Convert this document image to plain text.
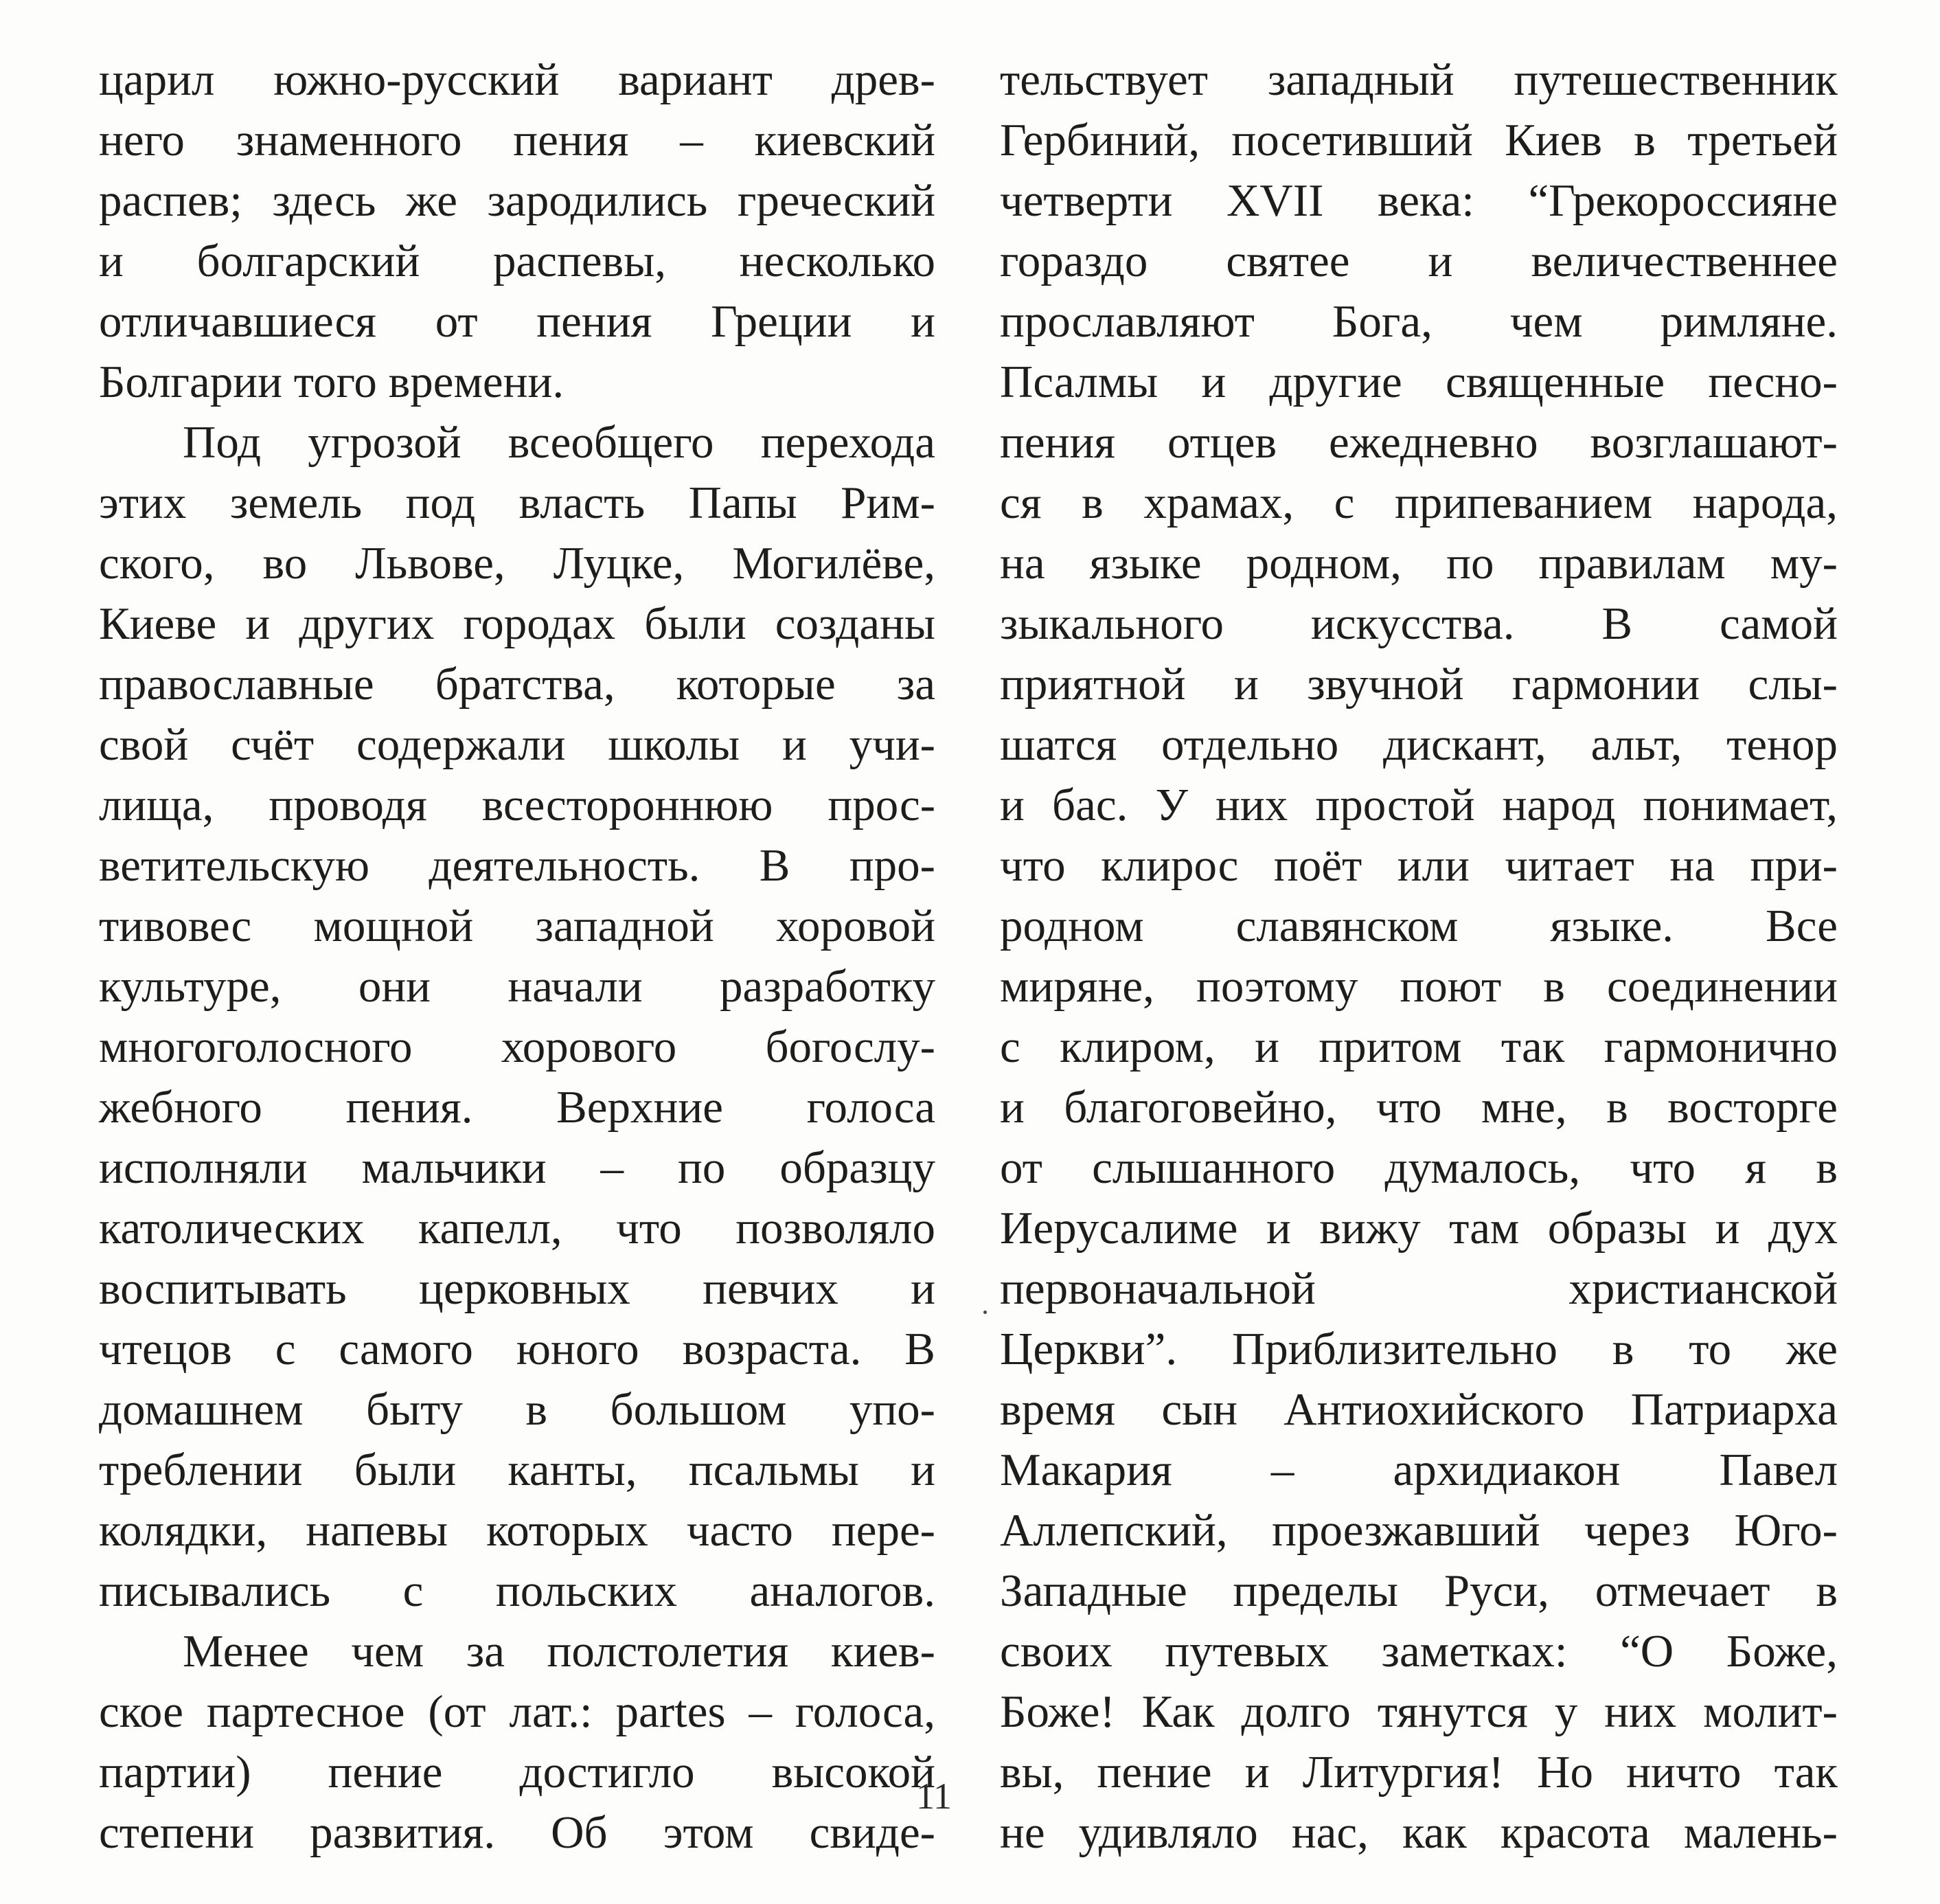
царил южно-русский вариант древ-
него знаменного пения – киевский
распев; здесь же зародились греческий
и болгарский распевы, несколько
отличавшиеся от пения Греции и
Болгарии того времени.
Под угрозой всеобщего перехода
этих земель под власть Папы Рим-
ского, во Львове, Луцке, Могилёве,
Киеве и других городах были созданы
православные братства, которые за
свой счёт содержали школы и учи-
лища, проводя всестороннюю прос-
ветительскую деятельность. В про-
тивовес мощной западной хоровой
культуре, они начали разработку
многоголосного хорового богослу-
жебного пения. Верхние голоса
исполняли мальчики – по образцу
католических капелл, что позволяло
воспитывать церковных певчих и
чтецов с самого юного возраста. В
домашнем быту в большом упо-
треблении были канты, псальмы и
колядки, напевы которых часто пере-
писывались с польских аналогов.
Менее чем за полстолетия киев-
ское партесное (от лат.: partes – голоса,
партии) пение достигло высокой
степени развития. Об этом свиде-
тельствует западный путешественник
Гербиний, посетивший Киев в третьей
четверти XVII века: “Грекороссияне
гораздо святее и величественнее
прославляют Бога, чем римляне.
Псалмы и другие священные песно-
пения отцев ежедневно возглашают-
ся в храмах, с припеванием народа,
на языке родном, по правилам му-
зыкального искусства. В самой
приятной и звучной гармонии слы-
шатся отдельно дискант, альт, тенор
и бас. У них простой народ понимает,
что клирос поёт или читает на при-
родном славянском языке. Все
миряне, поэтому поют в соединении
с клиром, и притом так гармонично
и благоговейно, что мне, в восторге
от слышанного думалось, что я в
Иерусалиме и вижу там образы и дух
первоначальной христианской
Церкви”. Приблизительно в то же
время сын Антиохийского Патриарха
Макария – архидиакон Павел
Аллепский, проезжавший через Юго-
Западные пределы Руси, отмечает в
своих путевых заметках: “О Боже,
Боже! Как долго тянутся у них молит-
вы, пение и Литургия! Но ничто так
не удивляло нас, как красота малень-
11
